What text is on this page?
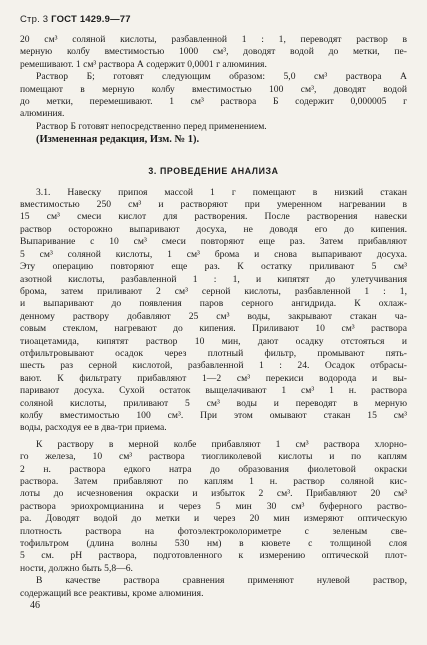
Стр. 3 ГОСТ 1429.9—77

20 см³ соляной кислоты, разбавленной 1 : 1, переводят раствор в
мерную колбу вместимостью 1000 см³, доводят водой до метки, пе-
ремешивают. 1 см³ раствора А содержит 0,0001 г алюминия.

Раствор Б; готовят следующим образом: 5,0 см³ раствора А
помещают в мерную колбу вместимостью 100 см³, доводят водой
до метки, перемешивают. 1 см³ раствора Б содержит 0,000005 г
алюминия.

Раствор Б готовят непосредственно перед применением.

(Измененная редакция, Изм. № 1).

3. ПРОВЕДЕНИЕ АНАЛИЗА

3.1. Навеску припоя массой 1 г помещают в низкий стакан
вместимостью 250 см³ и растворяют при умеренном нагревании в
15 см³ смеси кислот для растворения. После растворения навески
раствор осторожно выпаривают досуха, не доводя его до кипения.
Выпаривание с 10 см³ смеси повторяют еще раз. Затем прибавляют
5 см³ соляной кислоты, 1 см³ брома и снова выпаривают досуха.
Эту операцию повторяют еще раз. К остатку приливают 5 см³
азотной кислоты, разбавленной 1 : 1, и кипятят до улетучивания
брома, затем приливают 2 см³ серной кислоты, разбавленной 1 : 1,
и выпаривают до появления паров серного ангидрида. К охлаж-
денному раствору добавляют 25 см³ воды, закрывают стакан ча-
совым стеклом, нагревают до кипения. Приливают 10 см³ раствора
тиоацетамида, кипятят раствор 10 мин, дают осадку отстояться и
отфильтровывают осадок через плотный фильтр, промывают пять-
шесть раз серной кислотой, разбавленной 1 : 24. Осадок отбрасы-
вают. К фильтрату прибавляют 1—2 см³ перекиси водорода и вы-
паривают досуха. Сухой остаток выщелачивают 1 см³ 1 н. раствора
соляной кислоты, приливают 5 см³ воды и переводят в мерную
колбу вместимостью 100 см³. При этом омывают стакан 15 см³
воды, расходуя ее в два-три приема.

К раствору в мерной колбе прибавляют 1 см³ раствора хлорно-
го железа, 10 см³ раствора тиогликолевой кислоты и по каплям
2 н. раствора едкого натра до образования фиолетовой окраски
раствора. Затем прибавляют по каплям 1 н. раствор соляной кис-
лоты до исчезновения окраски и избыток 2 см³. Прибавляют 20 см³
раствора эриохромцианина и через 5 мин 30 см³ буферного раство-
ра. Доводят водой до метки и через 20 мин измеряют оптическую
плотность раствора на фотоэлектроколориметре с зеленым све-
тофильтром (длина волны 530 нм) в кювете с толщиной слоя
5 см. pH раствора, подготовленного к измерению оптической плот-
ности, должно быть 5,8—6.

В качестве раствора сравнения применяют нулевой раствор,
содержащий все реактивы, кроме алюминия.

46
